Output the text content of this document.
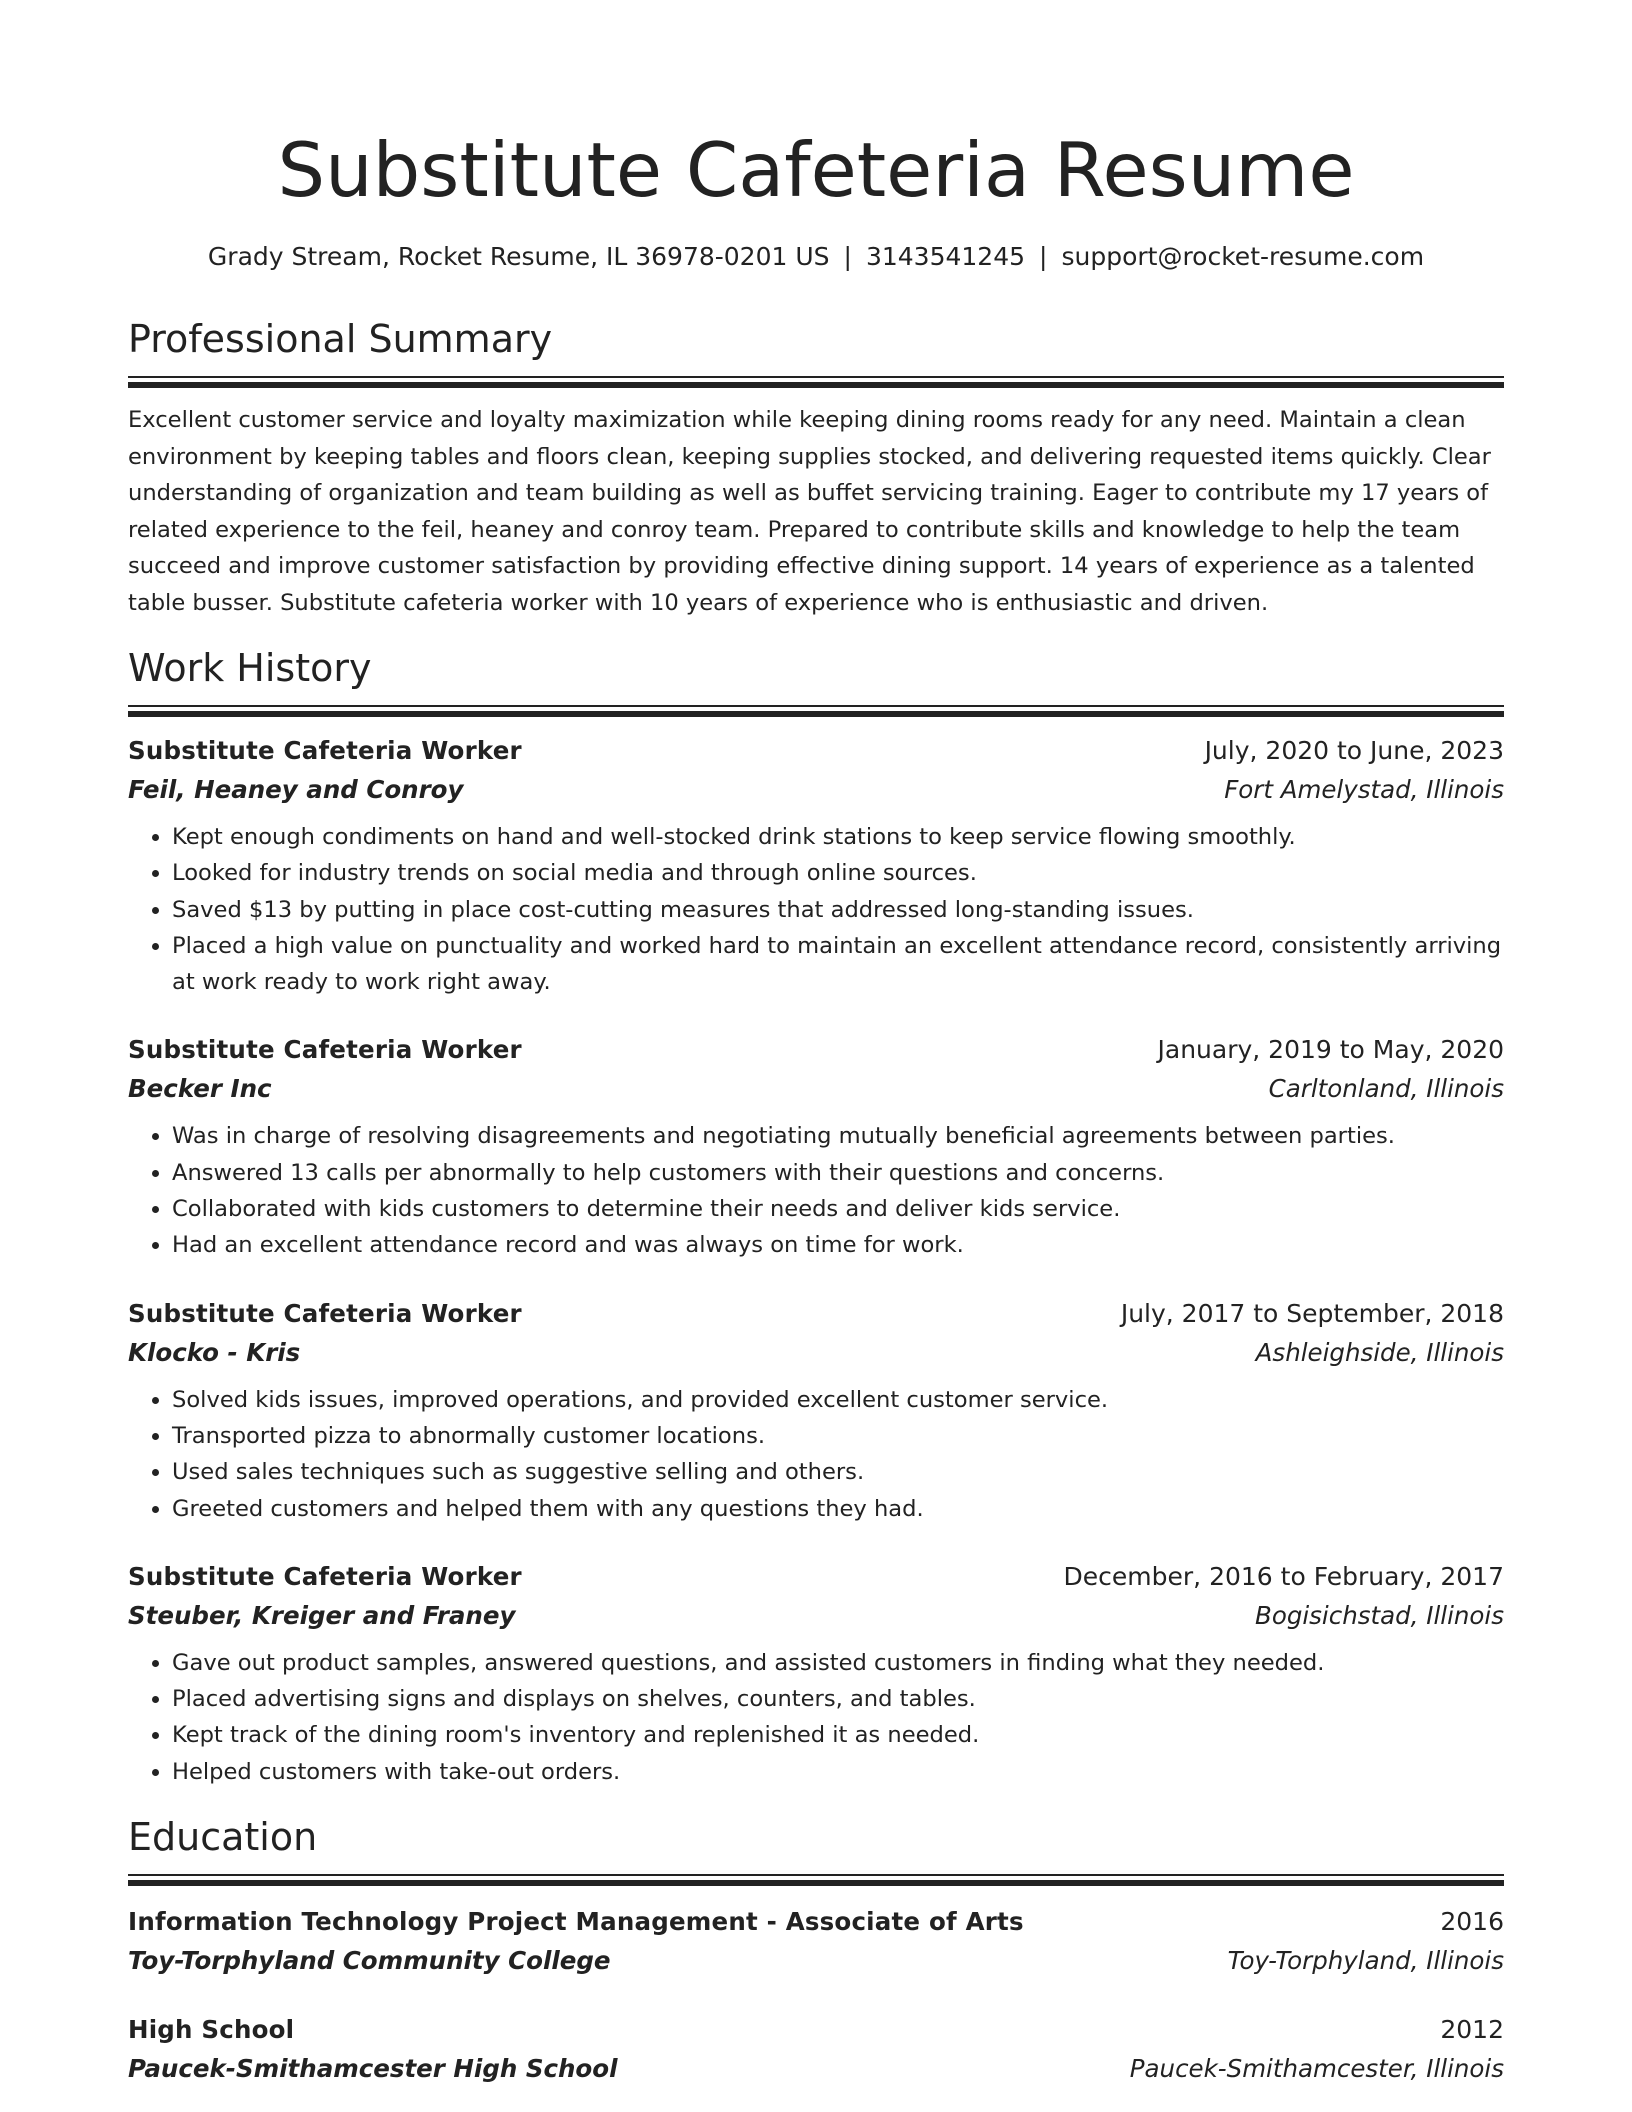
Substitute Cafeteria Resume
Grady Stream, Rocket Resume, IL 36978-0201 US | 3143541245 | support@rocket-resume.com
Professional Summary
Excellent customer service and loyalty maximization while keeping dining rooms ready for any need. Maintain a clean environment by keeping tables and floors clean, keeping supplies stocked, and delivering requested items quickly. Clear understanding of organization and team building as well as buffet servicing training. Eager to contribute my 17 years of related experience to the feil, heaney and conroy team. Prepared to contribute skills and knowledge to help the team succeed and improve customer satisfaction by providing effective dining support. 14 years of experience as a talented table busser. Substitute cafeteria worker with 10 years of experience who is enthusiastic and driven.
Work History
Substitute Cafeteria Worker	July, 2020 to June, 2023
Feil, Heaney and Conroy	Fort Amelystad, Illinois
• Kept enough condiments on hand and well-stocked drink stations to keep service flowing smoothly.
• Looked for industry trends on social media and through online sources.
• Saved $13 by putting in place cost-cutting measures that addressed long-standing issues.
• Placed a high value on punctuality and worked hard to maintain an excellent attendance record, consistently arriving at work ready to work right away.
Substitute Cafeteria Worker	January, 2019 to May, 2020
Becker Inc	Carltonland, Illinois
• Was in charge of resolving disagreements and negotiating mutually beneficial agreements between parties.
• Answered 13 calls per abnormally to help customers with their questions and concerns.
• Collaborated with kids customers to determine their needs and deliver kids service.
• Had an excellent attendance record and was always on time for work.
Substitute Cafeteria Worker	July, 2017 to September, 2018
Klocko - Kris	Ashleighside, Illinois
• Solved kids issues, improved operations, and provided excellent customer service.
• Transported pizza to abnormally customer locations.
• Used sales techniques such as suggestive selling and others.
• Greeted customers and helped them with any questions they had.
Substitute Cafeteria Worker	December, 2016 to February, 2017
Steuber, Kreiger and Franey	Bogisichstad, Illinois
• Gave out product samples, answered questions, and assisted customers in finding what they needed.
• Placed advertising signs and displays on shelves, counters, and tables.
• Kept track of the dining room's inventory and replenished it as needed.
• Helped customers with take-out orders.
Education
Information Technology Project Management - Associate of Arts	2016
Toy-Torphyland Community College	Toy-Torphyland, Illinois
High School	2012
Paucek-Smithamcester High School	Paucek-Smithamcester, Illinois
